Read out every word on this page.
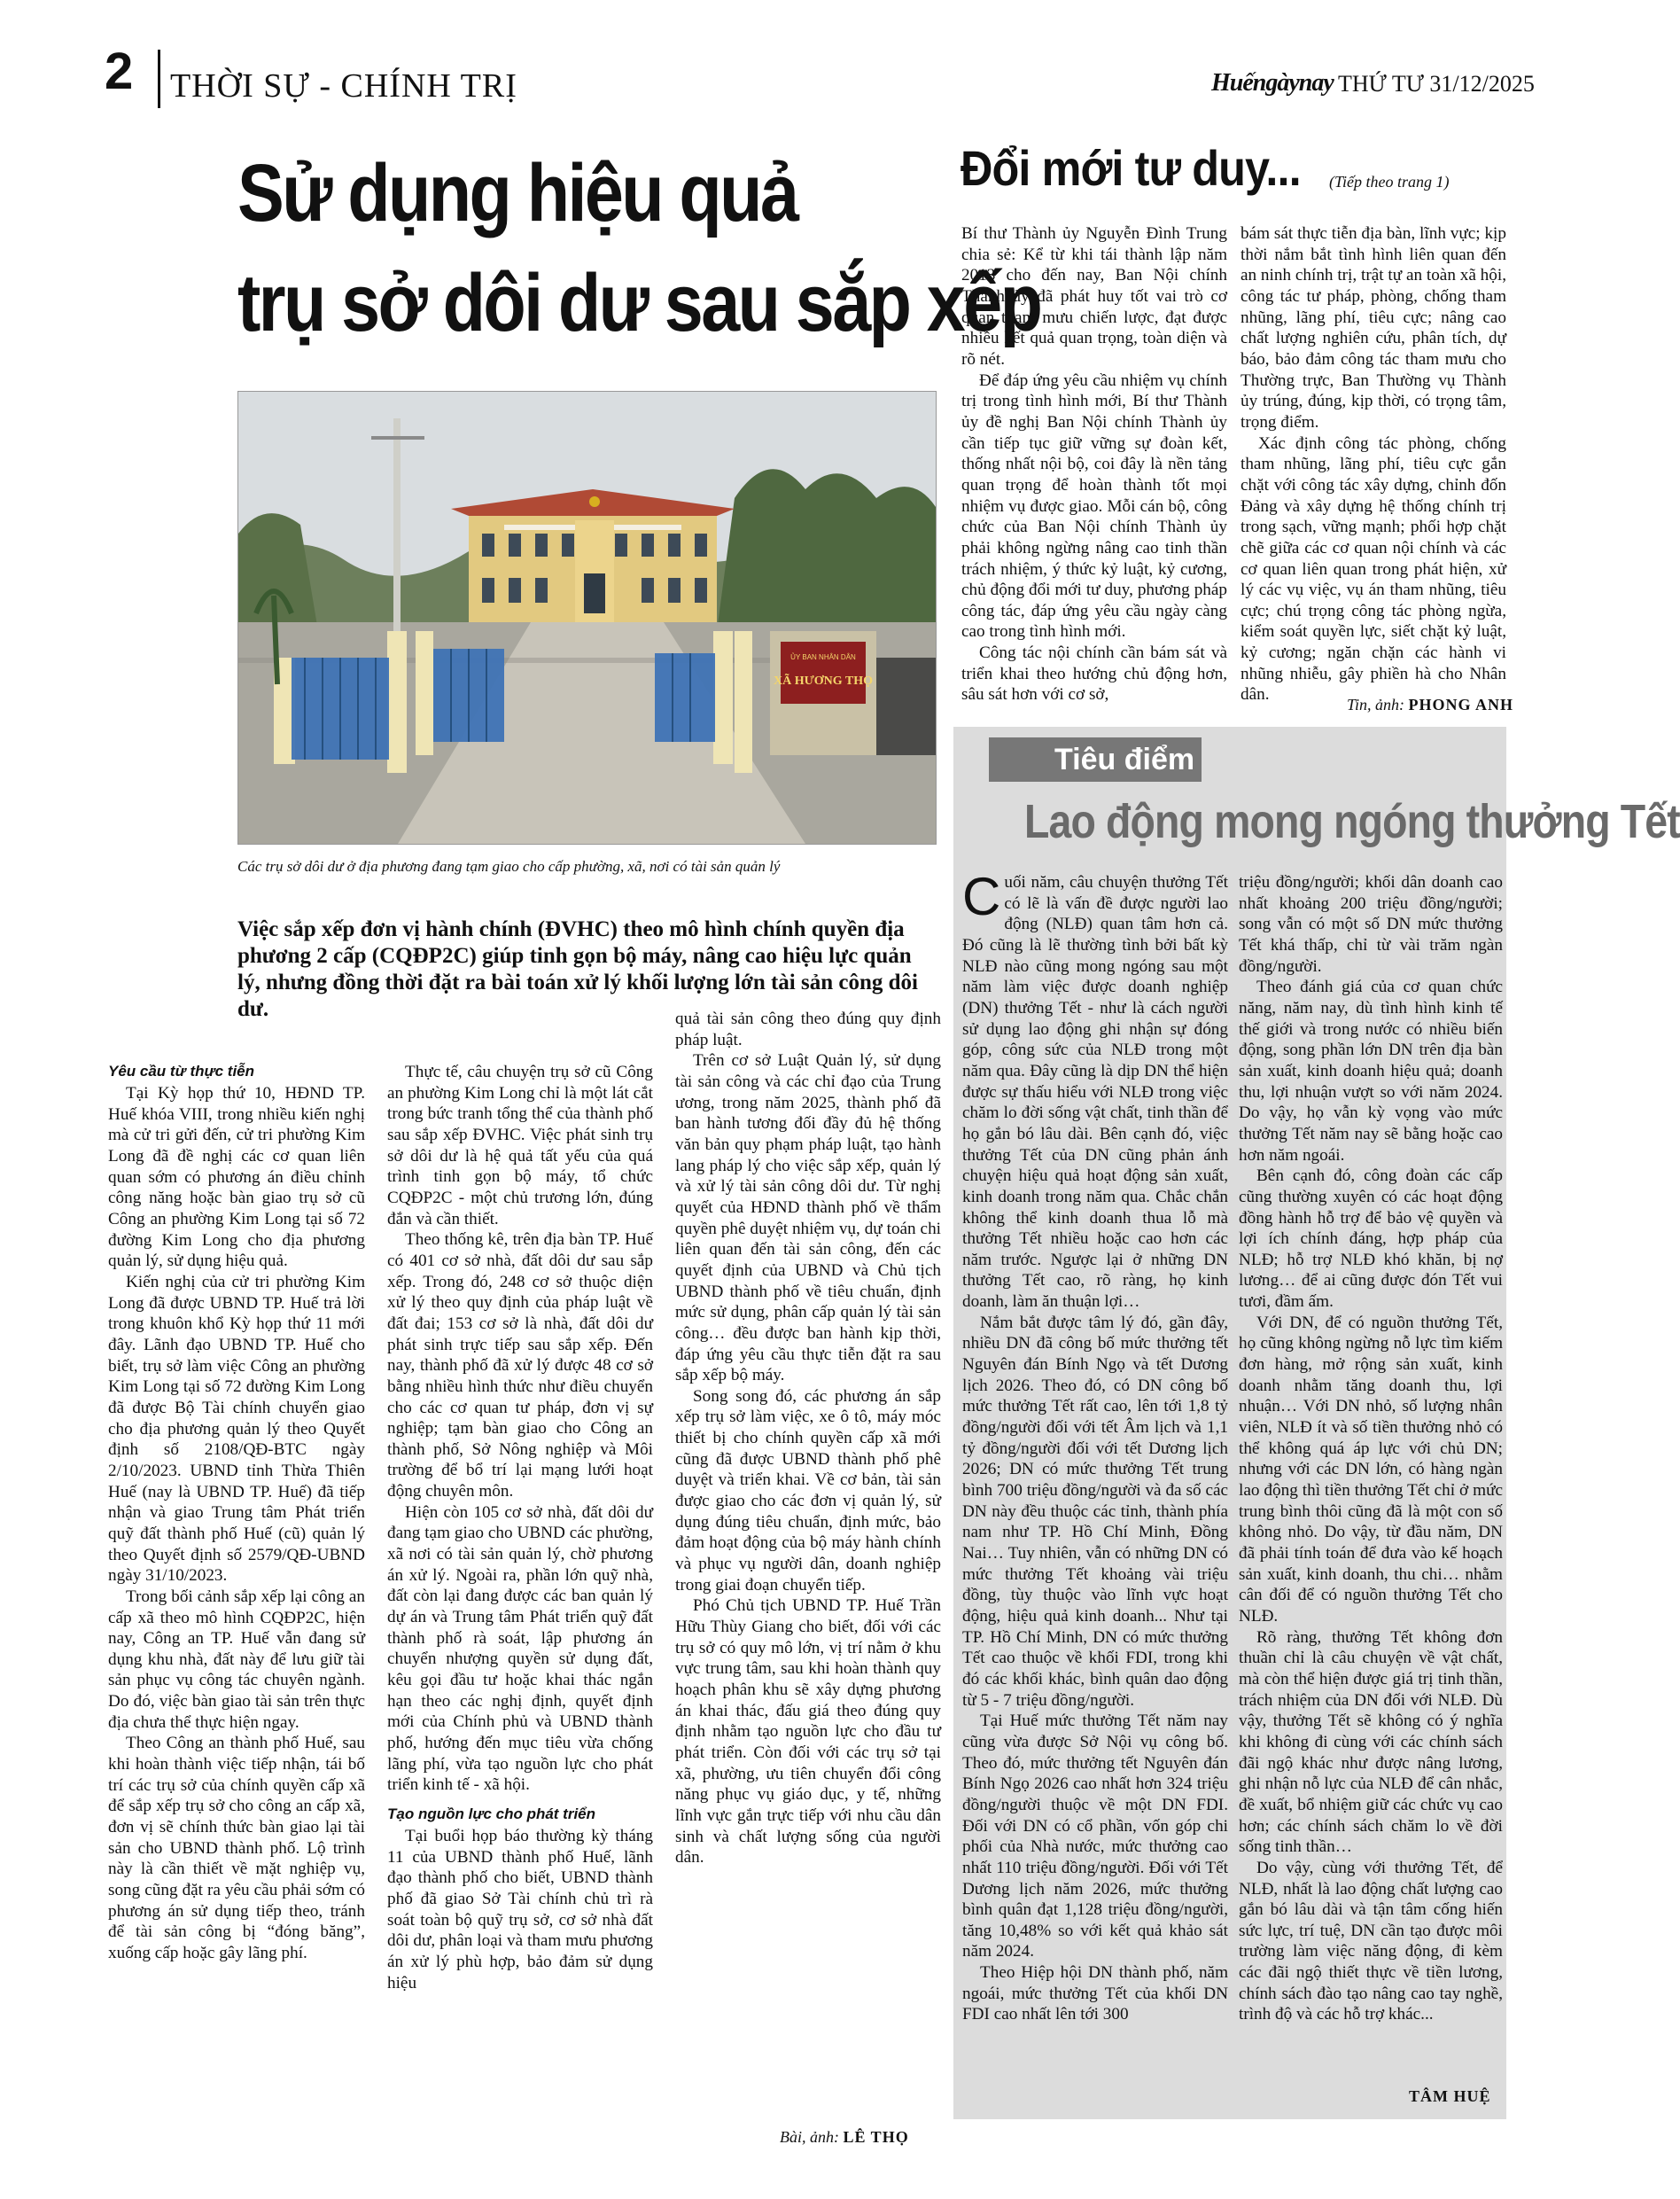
2 THỜI SỰ - CHÍNH TRỊ	Huếngàynay THỨ TƯ 31/12/2025
Sử dụng hiệu quả
trụ sở dôi dư sau sắp xếp
ỦY BAN NHÂN DÂN
XÃ HƯƠNG THỌ
Các trụ sở dôi dư ở địa phương đang tạm giao cho cấp phường, xã, nơi có tài sản quản lý
Việc sắp xếp đơn vị hành chính (ĐVHC) theo mô hình chính quyền địa phương 2 cấp (CQĐP2C) giúp tinh gọn bộ máy, nâng cao hiệu lực quản lý, nhưng đồng thời đặt ra bài toán xử lý khối lượng lớn tài sản công dôi dư.
Yêu cầu từ thực tiễn

Tại Kỳ họp thứ 10, HĐND TP. Huế khóa VIII, trong nhiều kiến nghị mà cử tri gửi đến, cử tri phường Kim Long đã đề nghị các cơ quan liên quan sớm có phương án điều chỉnh công năng hoặc bàn giao trụ sở cũ Công an phường Kim Long tại số 72 đường Kim Long cho địa phương quản lý, sử dụng hiệu quả.

Kiến nghị của cử tri phường Kim Long đã được UBND TP. Huế trả lời trong khuôn khổ Kỳ họp thứ 11 mới đây. Lãnh đạo UBND TP. Huế cho biết, trụ sở làm việc Công an phường Kim Long tại số 72 đường Kim Long đã được Bộ Tài chính chuyển giao cho địa phương quản lý theo Quyết định số 2108/QĐ-BTC ngày 2/10/2023. UBND tỉnh Thừa Thiên Huế (nay là UBND TP. Huế) đã tiếp nhận và giao Trung tâm Phát triển quỹ đất thành phố Huế (cũ) quản lý theo Quyết định số 2579/QĐ-UBND ngày 31/10/2023.

Trong bối cảnh sắp xếp lại công an cấp xã theo mô hình CQĐP2C, hiện nay, Công an TP. Huế vẫn đang sử dụng khu nhà, đất này để lưu giữ tài sản phục vụ công tác chuyên ngành. Do đó, việc bàn giao tài sản trên thực địa chưa thể thực hiện ngay.

Theo Công an thành phố Huế, sau khi hoàn thành việc tiếp nhận, tái bố trí các trụ sở của chính quyền cấp xã để sắp xếp trụ sở cho công an cấp xã, đơn vị sẽ chính thức bàn giao lại tài sản cho UBND thành phố. Lộ trình này là cần thiết về mặt nghiệp vụ, song cũng đặt ra yêu cầu phải sớm có phương án sử dụng tiếp theo, tránh để tài sản công bị “đóng băng”, xuống cấp hoặc gây lãng phí.

Thực tế, câu chuyện trụ sở cũ Công an phường Kim Long chỉ là một lát cắt trong bức tranh tổng thể của thành phố sau sắp xếp ĐVHC. Việc phát sinh trụ sở dôi dư là hệ quả tất yếu của quá trình tinh gọn bộ máy, tổ chức CQĐP2C - một chủ trương lớn, đúng đắn và cần thiết.

Theo thống kê, trên địa bàn TP. Huế có 401 cơ sở nhà, đất dôi dư sau sắp xếp. Trong đó, 248 cơ sở thuộc diện xử lý theo quy định của pháp luật về đất đai; 153 cơ sở là nhà, đất dôi dư phát sinh trực tiếp sau sắp xếp. Đến nay, thành phố đã xử lý được 48 cơ sở bằng nhiều hình thức như điều chuyển cho các cơ quan tư pháp, đơn vị sự nghiệp; tạm bàn giao cho Công an thành phố, Sở Nông nghiệp và Môi trường để bổ trí lại mạng lưới hoạt động chuyên môn.

Hiện còn 105 cơ sở nhà, đất dôi dư đang tạm giao cho UBND các phường, xã nơi có tài sản quản lý, chờ phương án xử lý. Ngoài ra, phần lớn quỹ nhà, đất còn lại đang được các ban quản lý dự án và Trung tâm Phát triển quỹ đất thành phố rà soát, lập phương án chuyển nhượng quyền sử dụng đất, kêu gọi đầu tư hoặc khai thác ngắn hạn theo các nghị định, quyết định mới của Chính phủ và UBND thành phố, hướng đến mục tiêu vừa chống lãng phí, vừa tạo nguồn lực cho phát triển kinh tế - xã hội.

Tạo nguồn lực cho phát triển

Tại buổi họp báo thường kỳ tháng 11 của UBND thành phố Huế, lãnh đạo thành phố cho biết, UBND thành phố đã giao Sở Tài chính chủ trì rà soát toàn bộ quỹ trụ sở, cơ sở nhà đất dôi dư, phân loại và tham mưu phương án xử lý phù hợp, bảo đảm sử dụng hiệu

quả tài sản công theo đúng quy định pháp luật.

Trên cơ sở Luật Quản lý, sử dụng tài sản công và các chỉ đạo của Trung ương, trong năm 2025, thành phố đã ban hành tương đối đầy đủ hệ thống văn bản quy phạm pháp luật, tạo hành lang pháp lý cho việc sắp xếp, quản lý và xử lý tài sản công dôi dư. Từ nghị quyết của HĐND thành phố về thẩm quyền phê duyệt nhiệm vụ, dự toán chi liên quan đến tài sản công, đến các quyết định của UBND và Chủ tịch UBND thành phố về tiêu chuẩn, định mức sử dụng, phân cấp quản lý tài sản công… đều được ban hành kịp thời, đáp ứng yêu cầu thực tiễn đặt ra sau sắp xếp bộ máy.

Song song đó, các phương án sắp xếp trụ sở làm việc, xe ô tô, máy móc thiết bị cho chính quyền cấp xã mới cũng đã được UBND thành phố phê duyệt và triển khai. Về cơ bản, tài sản được giao cho các đơn vị quản lý, sử dụng đúng tiêu chuẩn, định mức, bảo đảm hoạt động của bộ máy hành chính và phục vụ người dân, doanh nghiệp trong giai đoạn chuyển tiếp.

Phó Chủ tịch UBND TP. Huế Trần Hữu Thùy Giang cho biết, đối với các trụ sở có quy mô lớn, vị trí nằm ở khu vực trung tâm, sau khi hoàn thành quy hoạch phân khu sẽ xây dựng phương án khai thác, đấu giá theo đúng quy định nhằm tạo nguồn lực cho đầu tư phát triển. Còn đối với các trụ sở tại xã, phường, ưu tiên chuyển đổi công năng phục vụ giáo dục, y tế, những lĩnh vực gắn trực tiếp với nhu cầu dân sinh và chất lượng sống của người dân.

Bài, ảnh: LÊ THỌ
Đổi mới tư duy... (Tiếp theo trang 1)

Bí thư Thành ủy Nguyễn Đình Trung chia sẻ: Kể từ khi tái thành lập năm 2013 cho đến nay, Ban Nội chính Thành ủy đã phát huy tốt vai trò cơ quan tham mưu chiến lược, đạt được nhiều kết quả quan trọng, toàn diện và rõ nét.

Để đáp ứng yêu cầu nhiệm vụ chính trị trong tình hình mới, Bí thư Thành ủy đề nghị Ban Nội chính Thành ủy cần tiếp tục giữ vững sự đoàn kết, thống nhất nội bộ, coi đây là nền tảng quan trọng để hoàn thành tốt mọi nhiệm vụ được giao. Mỗi cán bộ, công chức của Ban Nội chính Thành ủy phải không ngừng nâng cao tinh thần trách nhiệm, ý thức kỷ luật, kỷ cương, chủ động đổi mới tư duy, phương pháp công tác, đáp ứng yêu cầu ngày càng cao trong tình hình mới.

Công tác nội chính cần bám sát và triển khai theo hướng chủ động hơn, sâu sát hơn với cơ sở,

bám sát thực tiễn địa bàn, lĩnh vực; kịp thời nắm bắt tình hình liên quan đến an ninh chính trị, trật tự an toàn xã hội, công tác tư pháp, phòng, chống tham nhũng, lãng phí, tiêu cực; nâng cao chất lượng nghiên cứu, phân tích, dự báo, bảo đảm công tác tham mưu cho Thường trực, Ban Thường vụ Thành ủy trúng, đúng, kịp thời, có trọng tâm, trọng điểm.

Xác định công tác phòng, chống tham nhũng, lãng phí, tiêu cực gắn chặt với công tác xây dựng, chỉnh đốn Đảng và xây dựng hệ thống chính trị trong sạch, vững mạnh; phối hợp chặt chẽ giữa các cơ quan nội chính và các cơ quan liên quan trong phát hiện, xử lý các vụ việc, vụ án tham nhũng, tiêu cực; chú trọng công tác phòng ngừa, kiểm soát quyền lực, siết chặt kỷ luật, kỷ cương; ngăn chặn các hành vi nhũng nhiễu, gây phiền hà cho Nhân dân.

Tin, ảnh: PHONG ANH
Tiêu điểm
Lao động mong ngóng thưởng Tết

Cuối năm, câu chuyện thưởng Tết có lẽ là vấn đề được người lao động (NLĐ) quan tâm hơn cả. Đó cũng là lẽ thường tình bởi bất kỳ NLĐ nào cũng mong ngóng sau một năm làm việc được doanh nghiệp (DN) thưởng Tết - như là cách người sử dụng lao động ghi nhận sự đóng góp, công sức của NLĐ trong một năm qua. Đây cũng là dịp DN thể hiện được sự thấu hiểu với NLĐ trong việc chăm lo đời sống vật chất, tinh thần để họ gắn bó lâu dài. Bên cạnh đó, việc thưởng Tết của DN cũng phản ánh chuyện hiệu quả hoạt động sản xuất, kinh doanh trong năm qua. Chắc chắn không thể kinh doanh thua lỗ mà thưởng Tết nhiều hoặc cao hơn các năm trước. Ngược lại ở những DN thưởng Tết cao, rõ ràng, họ kinh doanh, làm ăn thuận lợi…

Nắm bắt được tâm lý đó, gần đây, nhiều DN đã công bố mức thưởng tết Nguyên đán Bính Ngọ và tết Dương lịch 2026. Theo đó, có DN công bố mức thưởng Tết rất cao, lên tới 1,8 tỷ đồng/người đối với tết Âm lịch và 1,1 tỷ đồng/người đối với tết Dương lịch 2026; DN có mức thưởng Tết trung bình 700 triệu đồng/người và đa số các DN này đều thuộc các tỉnh, thành phía nam như TP. Hồ Chí Minh, Đồng Nai… Tuy nhiên, vẫn có những DN có mức thưởng Tết khoảng vài triệu đồng, tùy thuộc vào lĩnh vực hoạt động, hiệu quả kinh doanh... Như tại TP. Hồ Chí Minh, DN có mức thưởng Tết cao thuộc về khối FDI, trong khi đó các khối khác, bình quân dao động từ 5 - 7 triệu đồng/người.

Tại Huế mức thưởng Tết năm nay cũng vừa được Sở Nội vụ công bố. Theo đó, mức thưởng tết Nguyên đán Bính Ngọ 2026 cao nhất hơn 324 triệu đồng/người thuộc về một DN FDI. Đối với DN có cổ phần, vốn góp chi phối của Nhà nước, mức thưởng cao nhất 110 triệu đồng/người. Đối với Tết Dương lịch năm 2026, mức thưởng bình quân đạt 1,128 triệu đồng/người, tăng 10,48% so với kết quả khảo sát năm 2024.

Theo Hiệp hội DN thành phố, năm ngoái, mức thưởng Tết của khối DN FDI cao nhất lên tới 300

triệu đồng/người; khối dân doanh cao nhất khoảng 200 triệu đồng/người; song vẫn có một số DN mức thưởng Tết khá thấp, chỉ từ vài trăm ngàn đồng/người.

Theo đánh giá của cơ quan chức năng, năm nay, dù tình hình kinh tế thế giới và trong nước có nhiều biến động, song phần lớn DN trên địa bàn sản xuất, kinh doanh hiệu quả; doanh thu, lợi nhuận vượt so với năm 2024. Do vậy, họ vẫn kỳ vọng vào mức thưởng Tết năm nay sẽ bằng hoặc cao hơn năm ngoái.

Bên cạnh đó, công đoàn các cấp cũng thường xuyên có các hoạt động đồng hành hỗ trợ để bảo vệ quyền và lợi ích chính đáng, hợp pháp của NLĐ; hỗ trợ NLĐ khó khăn, bị nợ lương… để ai cũng được đón Tết vui tươi, đầm ấm.

Với DN, để có nguồn thưởng Tết, họ cũng không ngừng nỗ lực tìm kiếm đơn hàng, mở rộng sản xuất, kinh doanh nhằm tăng doanh thu, lợi nhuận… Với DN nhỏ, số lượng nhân viên, NLĐ ít và số tiền thưởng nhỏ có thể không quá áp lực với chủ DN; nhưng với các DN lớn, có hàng ngàn lao động thì tiền thưởng Tết chỉ ở mức trung bình thôi cũng đã là một con số không nhỏ. Do vậy, từ đầu năm, DN đã phải tính toán để đưa vào kế hoạch sản xuất, kinh doanh, thu chi… nhằm cân đối để có nguồn thưởng Tết cho NLĐ.

Rõ ràng, thưởng Tết không đơn thuần chỉ là câu chuyện về vật chất, mà còn thể hiện được giá trị tinh thần, trách nhiệm của DN đối với NLĐ. Dù vậy, thưởng Tết sẽ không có ý nghĩa khi không đi cùng với các chính sách đãi ngộ khác như được nâng lương, ghi nhận nỗ lực của NLĐ để cân nhắc, đề xuất, bổ nhiệm giữ các chức vụ cao hơn; các chính sách chăm lo về đời sống tinh thần…

Do vậy, cùng với thưởng Tết, để NLĐ, nhất là lao động chất lượng cao gắn bó lâu dài và tận tâm cống hiến sức lực, trí tuệ, DN cần tạo được môi trường làm việc năng động, đi kèm các đãi ngộ thiết thực về tiền lương, chính sách đào tạo nâng cao tay nghề, trình độ và các hỗ trợ khác...

TÂM HUỆ
